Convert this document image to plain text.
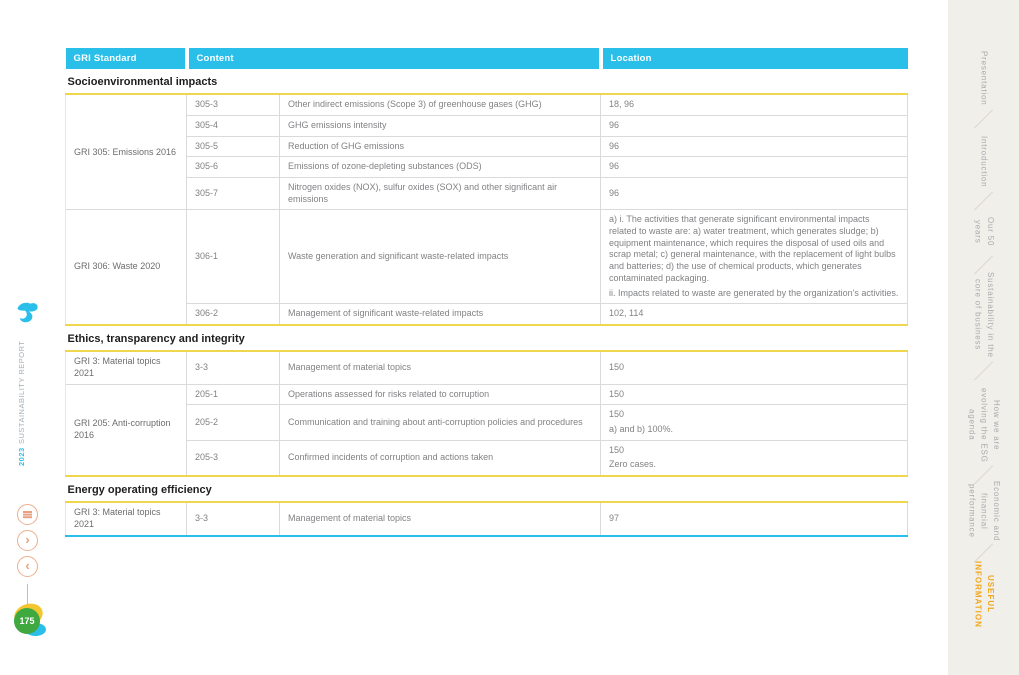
2023SUSTAINABILITY REPORT
›
‹
175
GRI Standard	Content		Location
Socioenvironmental impacts			
GRI 305: Emissions 2016	305-3	Other indirect emissions (Scope 3) of greenhouse gases (GHG)	18, 96

	305-4	GHG emissions intensity	96

	305-5	Reduction of GHG emissions	96

	305-6	Emissions of ozone-depleting substances (ODS)	96

	305-7	Nitrogen oxides (NOX), sulfur oxides (SOX) and other significant air emissions	96

GRI 306: Waste 2020	306-1	Waste generation and significant waste-related impacts	a) i. The activities that generate significant environmental impacts related to waste are: a) water treatment, which generates sludge; b) equipment maintenance, which requires the disposal of used oils and scrap metal; c) general maintenance, with the replacement of light bulbs and batteries; d) the use of chemical products, which generates contaminated packaging.
ii. Impacts related to waste are generated by the organization's activities.

	306-2	Management of significant waste-related impacts	102, 114

Ethics, transparency and integrity			
GRI 3: Material topics 2021	3-3	Management of material topics	150

GRI 205: Anti-corruption 2016	205-1	Operations assessed for risks related to corruption	150

	205-2	Communication and training about anti-corruption policies and procedures	150
a) and b) 100%.

	205-3	Confirmed incidents of corruption and actions taken	150
Zero cases.

Energy operating efficiency			
GRI 3: Material topics 2021	3-3	Management of material topics	97
Presentation
Introduction
Our 50 years
Sustainability in the core of business
How we are evolving the ESG agenda
Economic and financial performance
USEFUL INFORMATION
